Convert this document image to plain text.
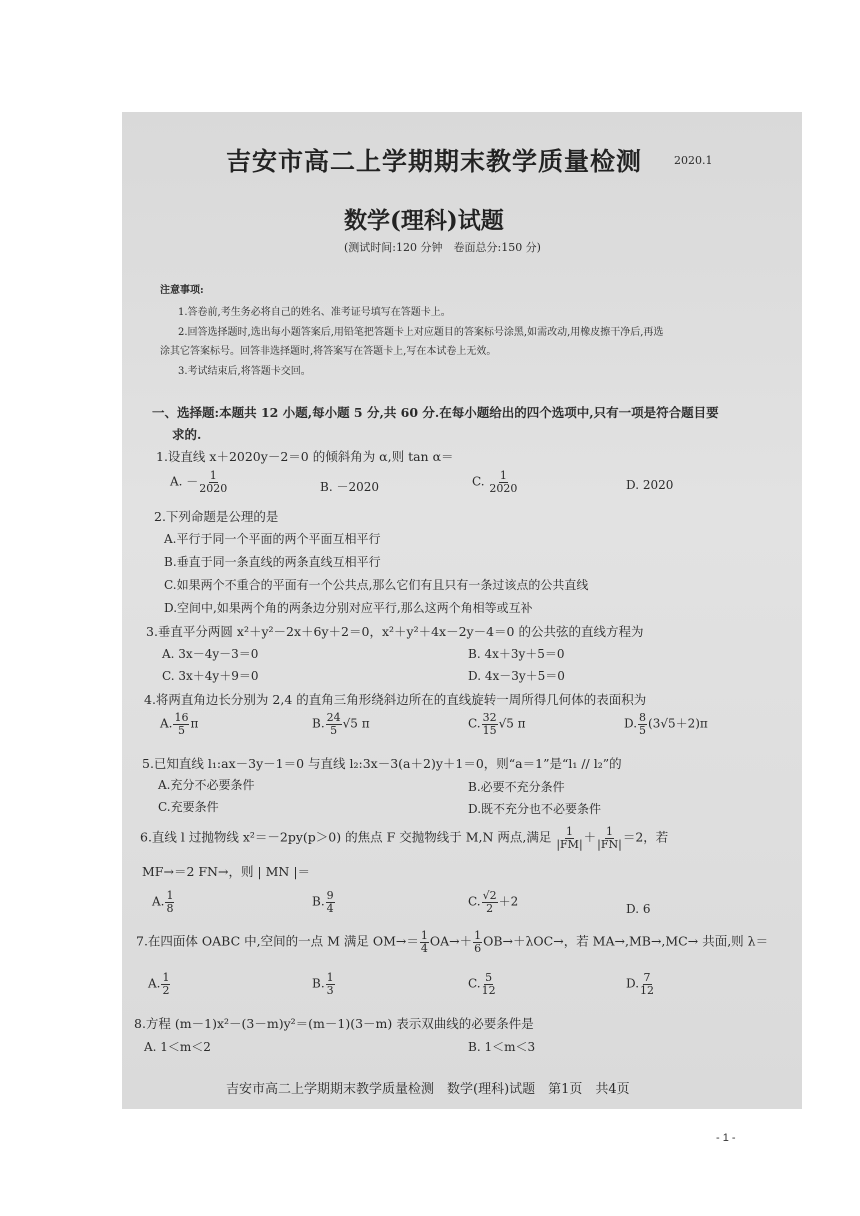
吉安市高二上学期期末教学质量检测	2020.1
数学(理科)试题
(测试时间:120 分钟　卷面总分:150 分)
注意事项:
1.答卷前,考生务必将自己的姓名、准考证号填写在答题卡上。
2.回答选择题时,选出每小题答案后,用铅笔把答题卡上对应题目的答案标号涂黑,如需改动,用橡皮擦干净后,再选
涂其它答案标号。回答非选择题时,将答案写在答题卡上,写在本试卷上无效。
3.考试结束后,将答题卡交回。
一、选择题:本题共 12 小题,每小题 5 分,共 60 分.在每小题给出的四个选项中,只有一项是符合题目要
求的.
1.设直线 x＋2020y－2＝0 的倾斜角为 α,则 tan α＝
A. － $\frac{1}{2020}$	B. －2020	C. $\frac{1}{2020}$	D. 2020
2.下列命题是公理的是
A.平行于同一个平面的两个平面互相平行
B.垂直于同一条直线的两条直线互相平行
C.如果两个不重合的平面有一个公共点,那么它们有且只有一条过该点的公共直线
D.空间中,如果两个角的两条边分别对应平行,那么这两个角相等或互补
3.垂直平分两圆 x²＋y²－2x＋6y＋2＝0，x²＋y²＋4x－2y－4＝0 的公共弦的直线方程为
A. 3x－4y－3＝0	B. 4x＋3y＋5＝0
C. 3x＋4y＋9＝0	D. 4x－3y＋5＝0
4.将两直角边长分别为 2,4 的直角三角形绕斜边所在的直线旋转一周所得几何体的表面积为
A. $\frac{16}{5}$ π	B. $\frac{24}{5} √5$ π	C. $\frac{32}{15} √5$ π	D. $\frac{8}{5} (3√5+2)\pi$
5.已知直线 l₁:ax－3y－1＝0 与直线 l₂:3x－3(a＋2)y＋1＝0，则“a＝1”是“l₁ // l₂”的
A.充分不必要条件	B.必要不充分条件
C.充要条件	D.既不充分也不必要条件
6.直线 l 过抛物线 x²＝－2py(p＞0) 的焦点 F 交抛物线于 M,N 两点,满足 $\frac{1}{|FM|} + \frac{1}{|FN|} =2$，若
MF→＝2 FN→，则 | MN |＝
A. $\frac{1}{8}$	B. $\frac{9}{4}$	C. $\frac{√2}{2} +2$
D. 6
7.在四面体 OABC 中,空间的一点 M 满足 $OM\to= \frac{1}{4} OA\to+ \frac{1}{6} OB\to+\lambda OC\to$，若 MA→,MB→,MC→ 共面,则 λ＝
A. $\frac{1}{2}$	B. $\frac{1}{3}$	C. $\frac{5}{12}$	D. $\frac{7}{12}$
8.方程 (m－1)x²－(3－m)y²＝(m－1)(3－m) 表示双曲线的必要条件是
A. 1＜m＜2	B. 1＜m＜3
吉安市高二上学期期末教学质量检测　数学(理科)试题　第1页　共4页
- 1 -
